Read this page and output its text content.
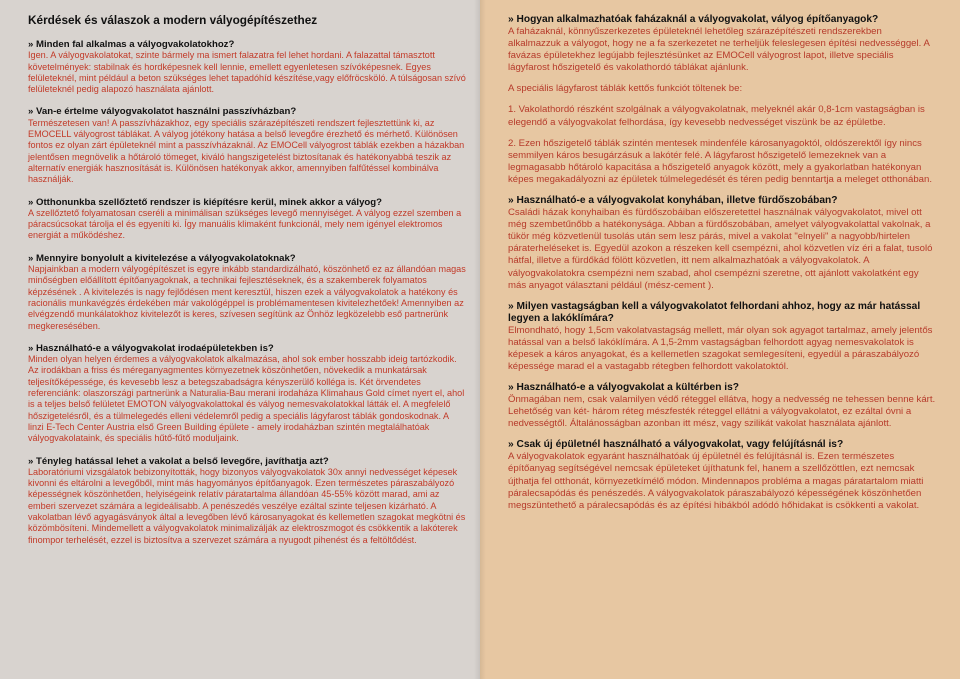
Kérdések és válaszok a modern vályogépítészethez

» Minden fal alkalmas a vályogvakolatokhoz?

Igen. A vályogvakolatokat, szinte bármely ma ismert falazatra fel lehet hordani. A falazattal támasztott követelmények: stabilnak és hordképesnek kell lennie, emellett egyenletesen szívóképesnek. Egyes felületeknél, mint például a beton szükséges lehet tapadóhíd készítése,vagy előfröcsköló. A túlságosan szívó felületeknél pedig alapozó használata ajánlott.

» Van-e értelme vályogvakolatot használni passzívházban?

Természetesen van! A passzívházakhoz, egy speciális szárazépítészeti rendszert fejlesztettünk ki, az EMOCELL vályogrost táblákat. A vályog jótékony hatása a belső levegőre érezhető és mérhető. Különösen fontos ez olyan zárt épületeknél mint a passzívházaknál. Az EMOCell vályogrost táblák ezekben a házakban jelentősen megnövelik a hőtároló tömeget, kiváló hangszigetelést biztosítanak és hatékonyabbá teszik az alternatív energiák hasznosítását is. Különösen hatékonyak akkor, amennyiben falfűtéssel kombinálva használják.

» Otthonunkba szellőztető rendszer is kiépítésre kerül, minek akkor a vályog?

A szellőztető folyamatosan cseréli a minimálisan szükséges levegő mennyiséget. A vályog ezzel szemben a páracsúcsokat tárolja el és egyeníti ki. Így manuális klimaként funkcionál, mely nem igényel elektromos energiát a működéshez.

» Mennyire bonyolult a kivitelezése a vályogvakolatoknak?

Napjainkban a modern vályogépítészet is egyre inkább standardizálható, köszönhető ez az állandóan magas minőségben előállított építőanyagoknak, a technikai fejlesztéseknek, és a szakemberek folyamatos képzésének . A kivitelezés is nagy fejlődésen ment keresztül, hiszen ezek a vályogvakolatok a hatékony és racionális munkavégzés érdekében már vakológéppel is problémamentesen kivitelezhetőek! Amennyiben az elvégzendő munkálatokhoz kivitelezőt is keres, szívesen segítünk az Önhöz legközelebb eső partnerünk megkeresésében.

» Használható-e a vályogvakolat irodaépületekben is?

Minden olyan helyen érdemes a vályogvakolatok alkalmazása, ahol sok ember hosszabb ideig tartózkodik. Az irodákban a friss és méreganyagmentes környezetnek köszönhetően, növekedik a munkatársak teljesítőképessége, és kevesebb lesz a betegszabadságra kényszerülő kollégа is. Két örvendetes referenciánk: olaszországi partnerünk a Naturalia-Bau merani irodaháza Klimahaus Gold címet nyert el, ahol is a teljes belső felületet EMOTON vályogvakolattokal és vályog nemesvakolatokkal látták el. A megfelelő hőszigetelésről, és a tülmelegedés elleni védelemről pedig a speciális lágyfarost táblák gondoskodnak. A linzi E-Tech Center Austria első Green Building épülete - amely irodaházban szintén megtalálhatóak vályogvakolataink, és speciális hűtő-fűtő moduljaink.

» Tényleg hatással lehet a vakolat a belső levegőre, javíthatja azt?

Laboratóriumi vizsgálatok bebizonyították, hogy bizonyos vályogvakolatok 30x annyi nedvességet képesek kivonni és eltárolni a levegőből, mint más hagyományos építőanyagok. Ezen természetes páraszabályozó képességnek köszönhetően, helyiségeink relatív páratartalma állandóan 45-55% között marad, ami az emberi szervezet számára a legideálisabb. A penészedés veszélye ezáltal szinte teljesen kizárható. A vakolatban lévő agyagásványok által a levegőben lévő károsanyagokat és kellemetlen szagokat megkötni és közömbösíteni. Mindemellett a vályogvakolatok minimalizálják az elektroszmogot és csökkentik a lakóterek finompor terhelését, ezzel is biztosítva a szervezet számára a nyugodt pihenést és a feltöltődést.

» Hogyan alkalmazhatóak faházaknál a vályogvakolat, vályog építőanyagok?

A faházaknál, könnyűszerkezetes épületeknél lehetőleg szárazépítészeti rendszerekben alkalmazzuk a vályogot, hogy ne a fa szerkezetet ne terheljük feleslegesen építési nedvességgel. A favázas épületekhez legújabb fejlesztésünket az EMOCell vályogrost lapot, illetve speciális lágyfarost hőszigetelő és vakolathordó táblákat ajánlunk.

A speciális lágyfarost táblák kettős funkciót töltenek be:

1. Vakolathordó részként szolgálnak a vályogvakolatnak, melyeknél akár 0,8-1cm vastagságban is elegendő a vályogvakolat felhordása, így kevesebb nedvességet viszünk be az épületbe.

2. Ezen hőszigetelő táblák szintén mentesek mindenféle károsanyagoktól, oldószerektől így nincs semmilyen káros besugárzásuk a lakótér felé. A lágyfarost hőszigetelő lemezeknek van a legmagasabb hőtároló kapacitása a hőszigetelő anyagok között, mely a gyakorlatban hatékonyan képes megakadályozni az épületek túlmelegedését és téren pedig benntartja a meleget otthonában.

» Használható-e a vályogvakolat konyhában, illetve fürdőszobában?

Családi házak konyhaiban és fürdőszobáiban előszeretettel használnak vályogvakolatot, mivel ott még szembetűnőbb a hatékonysága. Abban a fürdőszobában, amelyet vályogvakolattal vakolnak, a tükör még közvetlenül tusolás után sem lesz párás, mivel a vakolat "elnyeli" a nagyobb/hirtelen páraterheléseket is. Egyedül azokon a részeken kell csempézni, ahol közvetlen víz éri a falat, tusoló hátfal, illetve a fürdőkád fölött közvetlen, itt nem alkalmazhatóak a vályogvakolatok. A vályogvakolatokra csempézni nem szabad, ahol csempézni szeretne, ott ajánlott vakolatként egy más anyagot választani például (mész-cement ).

» Milyen vastagságban kell a vályogvakolatot felhordani ahhoz, hogy az már hatással legyen a lakóklímára?

Elmondható, hogy 1,5cm vakolatvastagság mellett, már olyan sok agyagot tartalmaz, amely jelentős hatással van a belső lakóklímára. A 1,5-2mm vastagságban felhordott agyag nemesvakolatok is képesek a káros anyagokat, és a kellemetlen szagokat semlegesíteni, egyedül a páraszabályozó képessége marad el a vastagabb rétegben felhordott vakolatoktól.

» Használható-e a vályogvakolat a kültérben is?

Önmagában nem, csak valamilyen védő réteggel ellátva, hogy a nedvesség ne tehessen benne kárt. Lehetőség van két- három réteg mészfesték réteggel ellátni a vályogvakolatot, ez ezáltal óvni a nedvességtől. Általánosságban azonban itt mész, vagy szilikát vakolat használata ajánlott.

» Csak új épületnél használható a vályogvakolat, vagy felújításnál is?

A vályogvakolatok egyaránt használhatóak új épületnél és felújításnál is. Ezen természetes építőanyag segítségével nemcsak épületeket újíthatunk fel, hanem a szellőzöttlen, ezt nemcsak újthatja fel otthonát, környezetkímélő módon. Mindennapos probléma a magas páratartalom miatti páralecsapódás és penészedés. A vályogvakolatok páraszabályozó képességének köszönhetően megszüntethető a páralecsapódás és az építési hibákból adódó hőhidakat is csökkenti a vakolat.
